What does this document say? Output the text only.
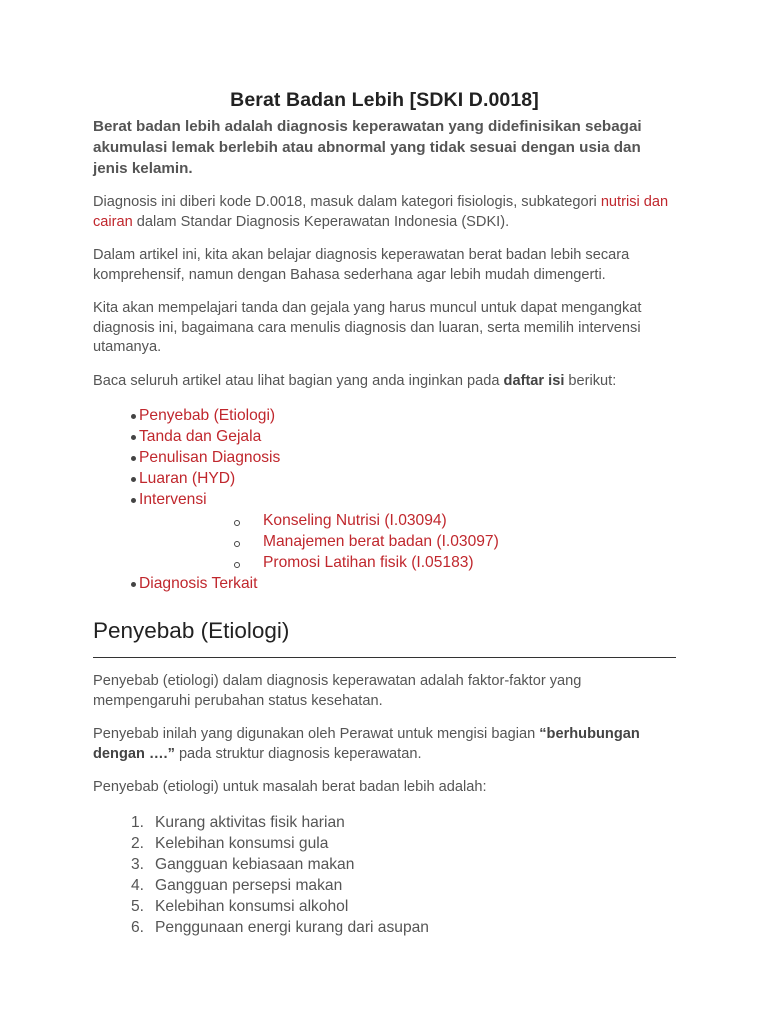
Berat Badan Lebih [SDKI D.0018]

Berat badan lebih adalah diagnosis keperawatan yang didefinisikan sebagai akumulasi lemak berlebih atau abnormal yang tidak sesuai dengan usia dan jenis kelamin.

Diagnosis ini diberi kode D.0018, masuk dalam kategori fisiologis, subkategori nutrisi dan cairan dalam Standar Diagnosis Keperawatan Indonesia (SDKI).

Dalam artikel ini, kita akan belajar diagnosis keperawatan berat badan lebih secara komprehensif, namun dengan Bahasa sederhana agar lebih mudah dimengerti.

Kita akan mempelajari tanda dan gejala yang harus muncul untuk dapat mengangkat diagnosis ini, bagaimana cara menulis diagnosis dan luaran, serta memilih intervensi utamanya.

Baca seluruh artikel atau lihat bagian yang anda inginkan pada daftar isi berikut:

Penyebab (Etiologi)
Tanda dan Gejala
Penulisan Diagnosis
Luaran (HYD)
Intervensi
Konseling Nutrisi (I.03094)
Manajemen berat badan (I.03097)
Promosi Latihan fisik (I.05183)
Diagnosis Terkait
Penyebab (Etiologi)

Penyebab (etiologi) dalam diagnosis keperawatan adalah faktor-faktor yang mempengaruhi perubahan status kesehatan.

Penyebab inilah yang digunakan oleh Perawat untuk mengisi bagian “berhubungan dengan ….” pada struktur diagnosis keperawatan.

Penyebab (etiologi) untuk masalah berat badan lebih adalah:

1. Kurang aktivitas fisik harian
2. Kelebihan konsumsi gula
3. Gangguan kebiasaan makan
4. Gangguan persepsi makan
5. Kelebihan konsumsi alkohol
6. Penggunaan energi kurang dari asupan
